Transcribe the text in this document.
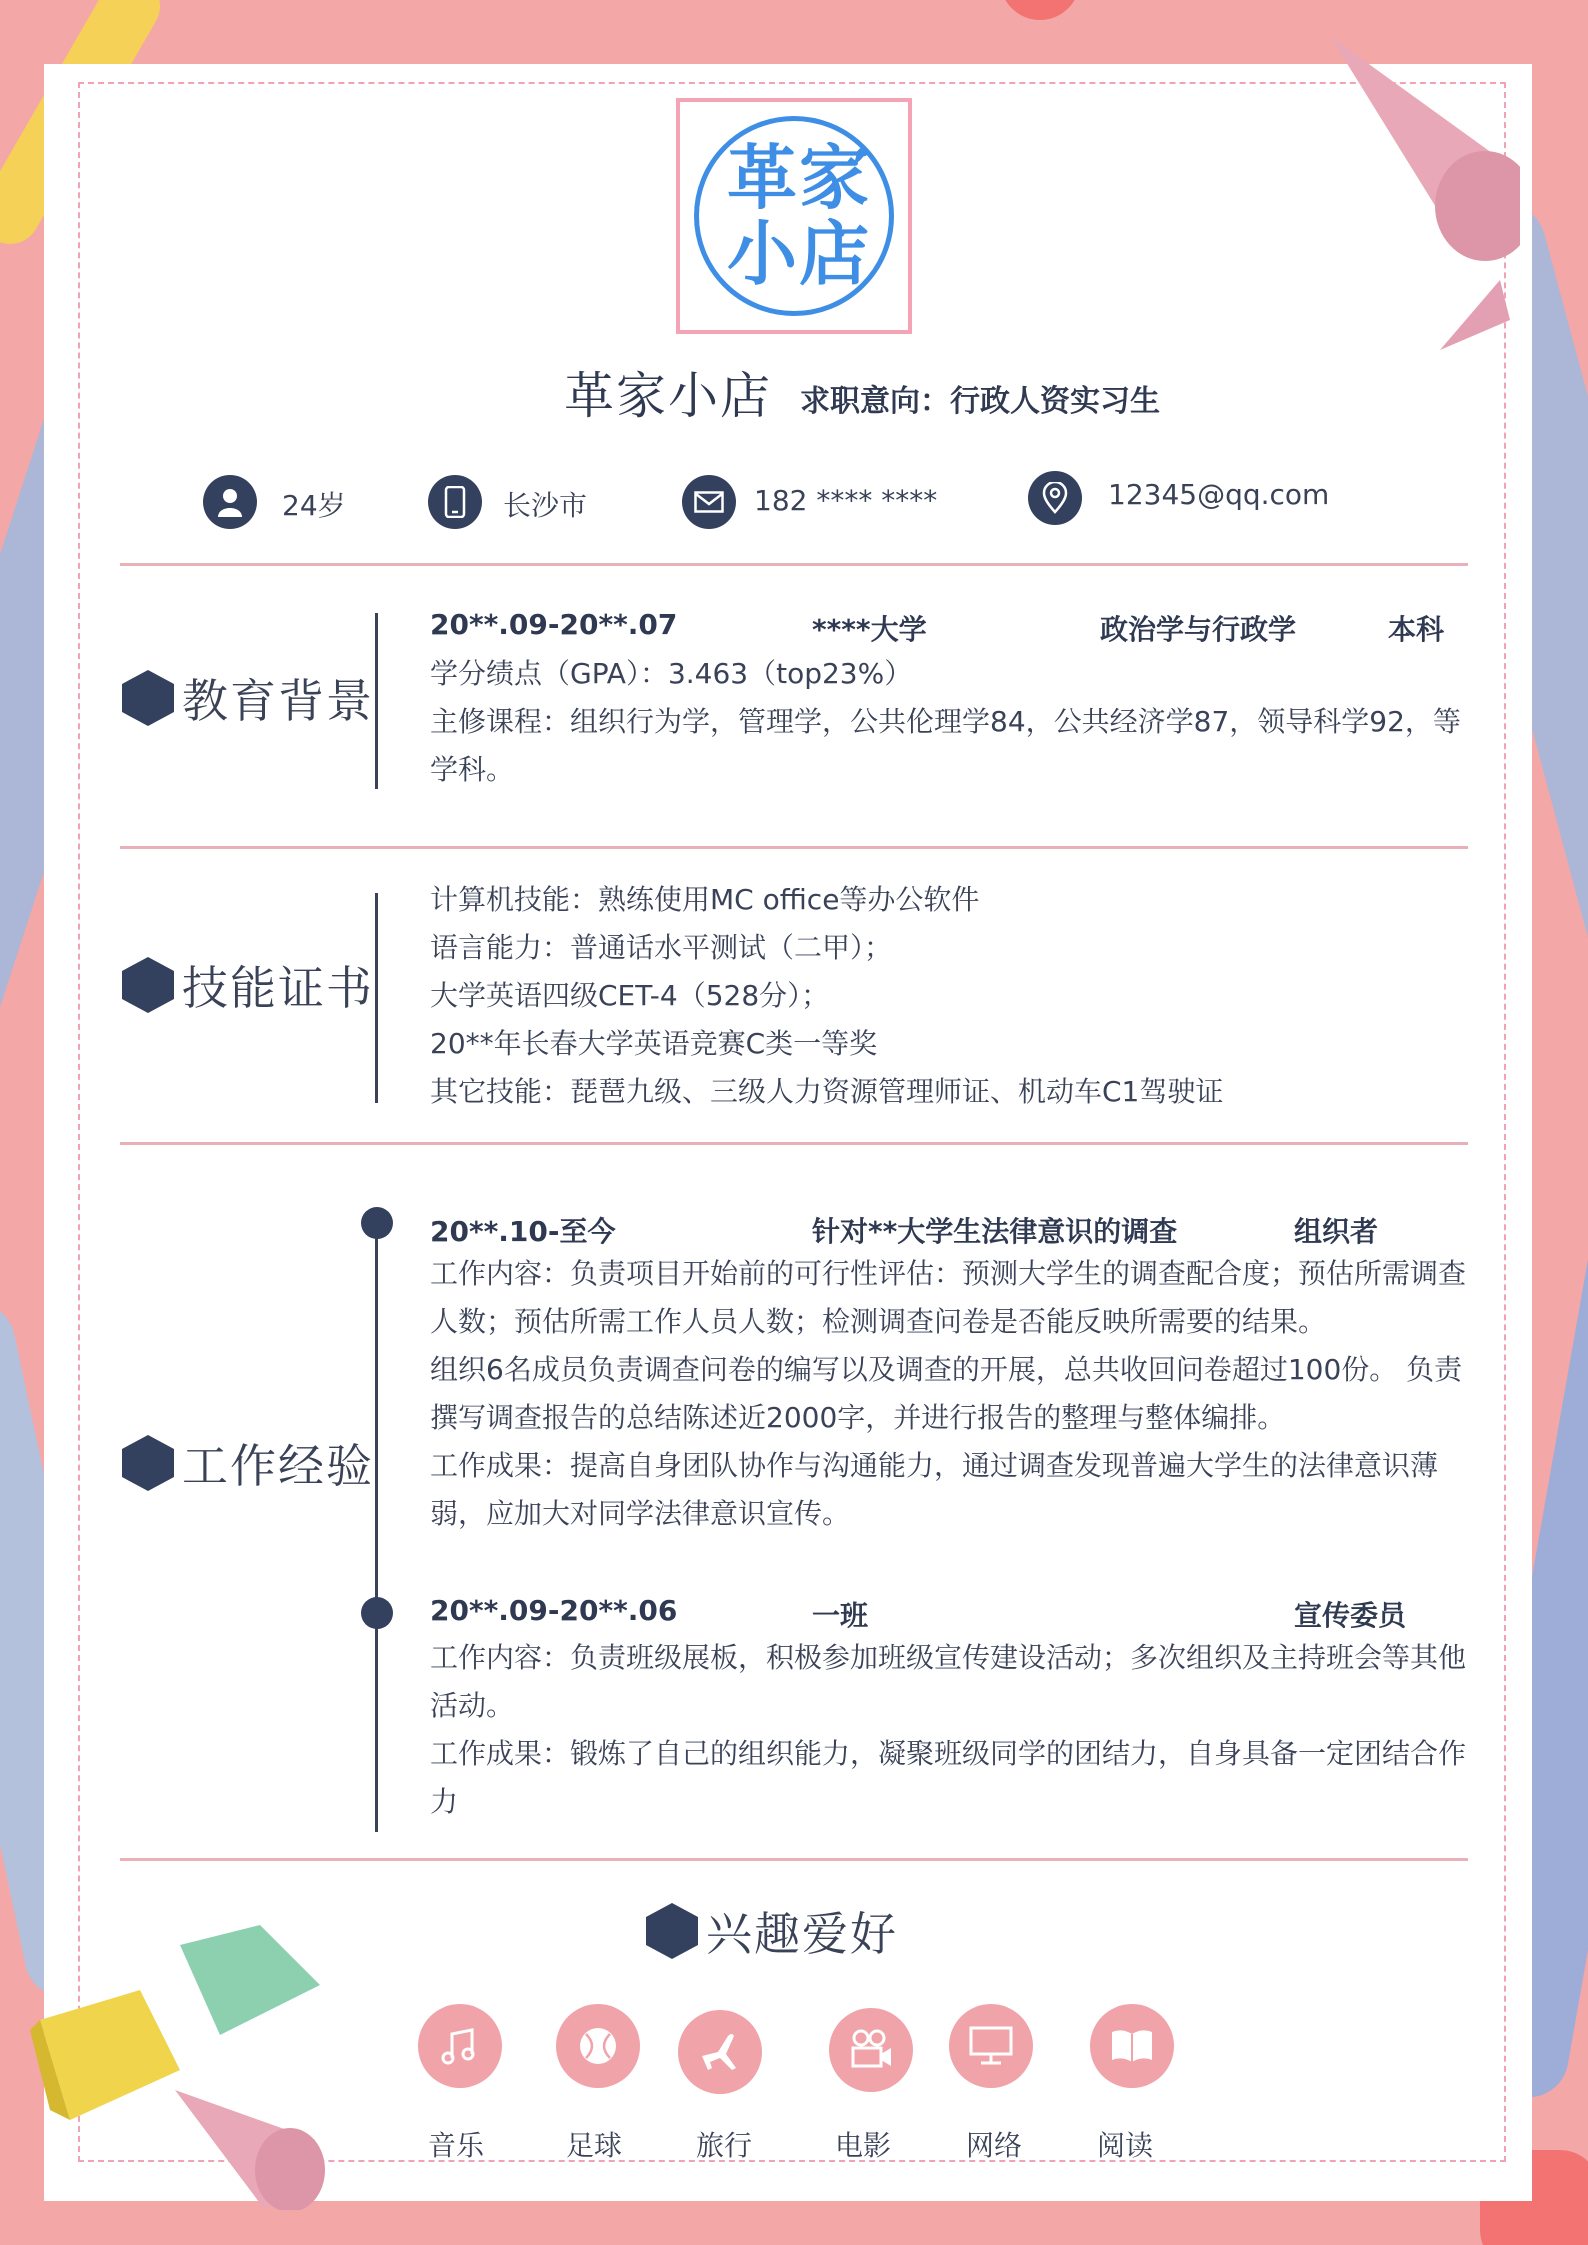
革 家
小 店
革家小店 求职意向：行政人资实习生
24岁	长沙市	182 **** ****	12345@qq.com
教育背景
20**.09-20**.07	****大学	政治学与行政学	本科
学分绩点（GPA）：3.463（top23%）
主修课程：组织行为学，管理学，公共伦理学84，公共经济学87，领导科学92，等学科。
技能证书
计算机技能：熟练使用MC office等办公软件
语言能力：普通话水平测试（二甲）；
大学英语四级CET-4（528分）；
20**年长春大学英语竞赛C类一等奖
其它技能：琵琶九级、三级人力资源管理师证、机动车C1驾驶证
工作经验
20**.10-至今	针对**大学生法律意识的调查	组织者
工作内容：负责项目开始前的可行性评估：预测大学生的调查配合度；预估所需调查人数；预估所需工作人员人数；检测调查问卷是否能反映所需要的结果。
组织6名成员负责调查问卷的编写以及调查的开展，总共收回问卷超过100份。 负责撰写调查报告的总结陈述近2000字，并进行报告的整理与整体编排。
工作成果：提高自身团队协作与沟通能力，通过调查发现普遍大学生的法律意识薄弱，应加大对同学法律意识宣传。
20**.09-20**.06	一班	宣传委员
工作内容：负责班级展板，积极参加班级宣传建设活动；多次组织及主持班会等其他活动。
工作成果：锻炼了自己的组织能力，凝聚班级同学的团结力，自身具备一定团结合作力
兴趣爱好
音乐	足球	旅行	电影	网络	阅读
